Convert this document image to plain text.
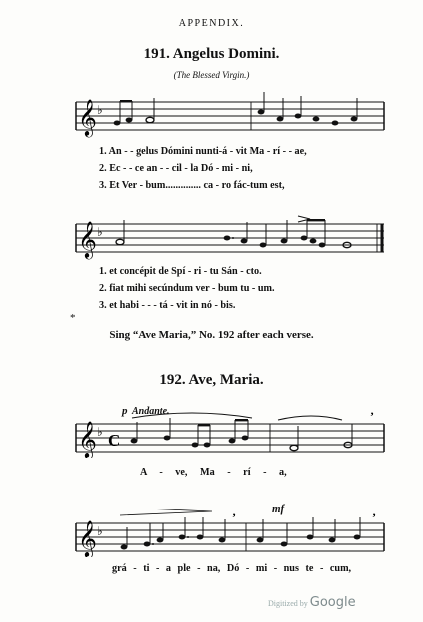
APPENDIX.
191. Angelus Domini.
(The Blessed Virgin.)
𝄞 ♭
1. An - - gelus Dómini nunti-á - vit Ma - rí - - ae,
2. Ec - - ce an - - cil - la Dó - mi - ni,
3. Et Ver - bum.............. ca - ro fác-tum est,
𝄞 ♭
1. et concépit de Spí - ri - tu Sán - cto.
2. fiat mihi secúndum ver - bum tu - um.
3. et habi - - - tá - vit in nó - bis.
*
Sing “Ave Maria,” No. 192 after each verse.
192. Ave, Maria.
p Andante.
𝄞 ♭ C
’
A - ve, Ma - rí - a,
mf
𝄞 ♭
’	’
grá - ti - a ple - na, Dó - mi - nus te - cum,
Digitized by Google
